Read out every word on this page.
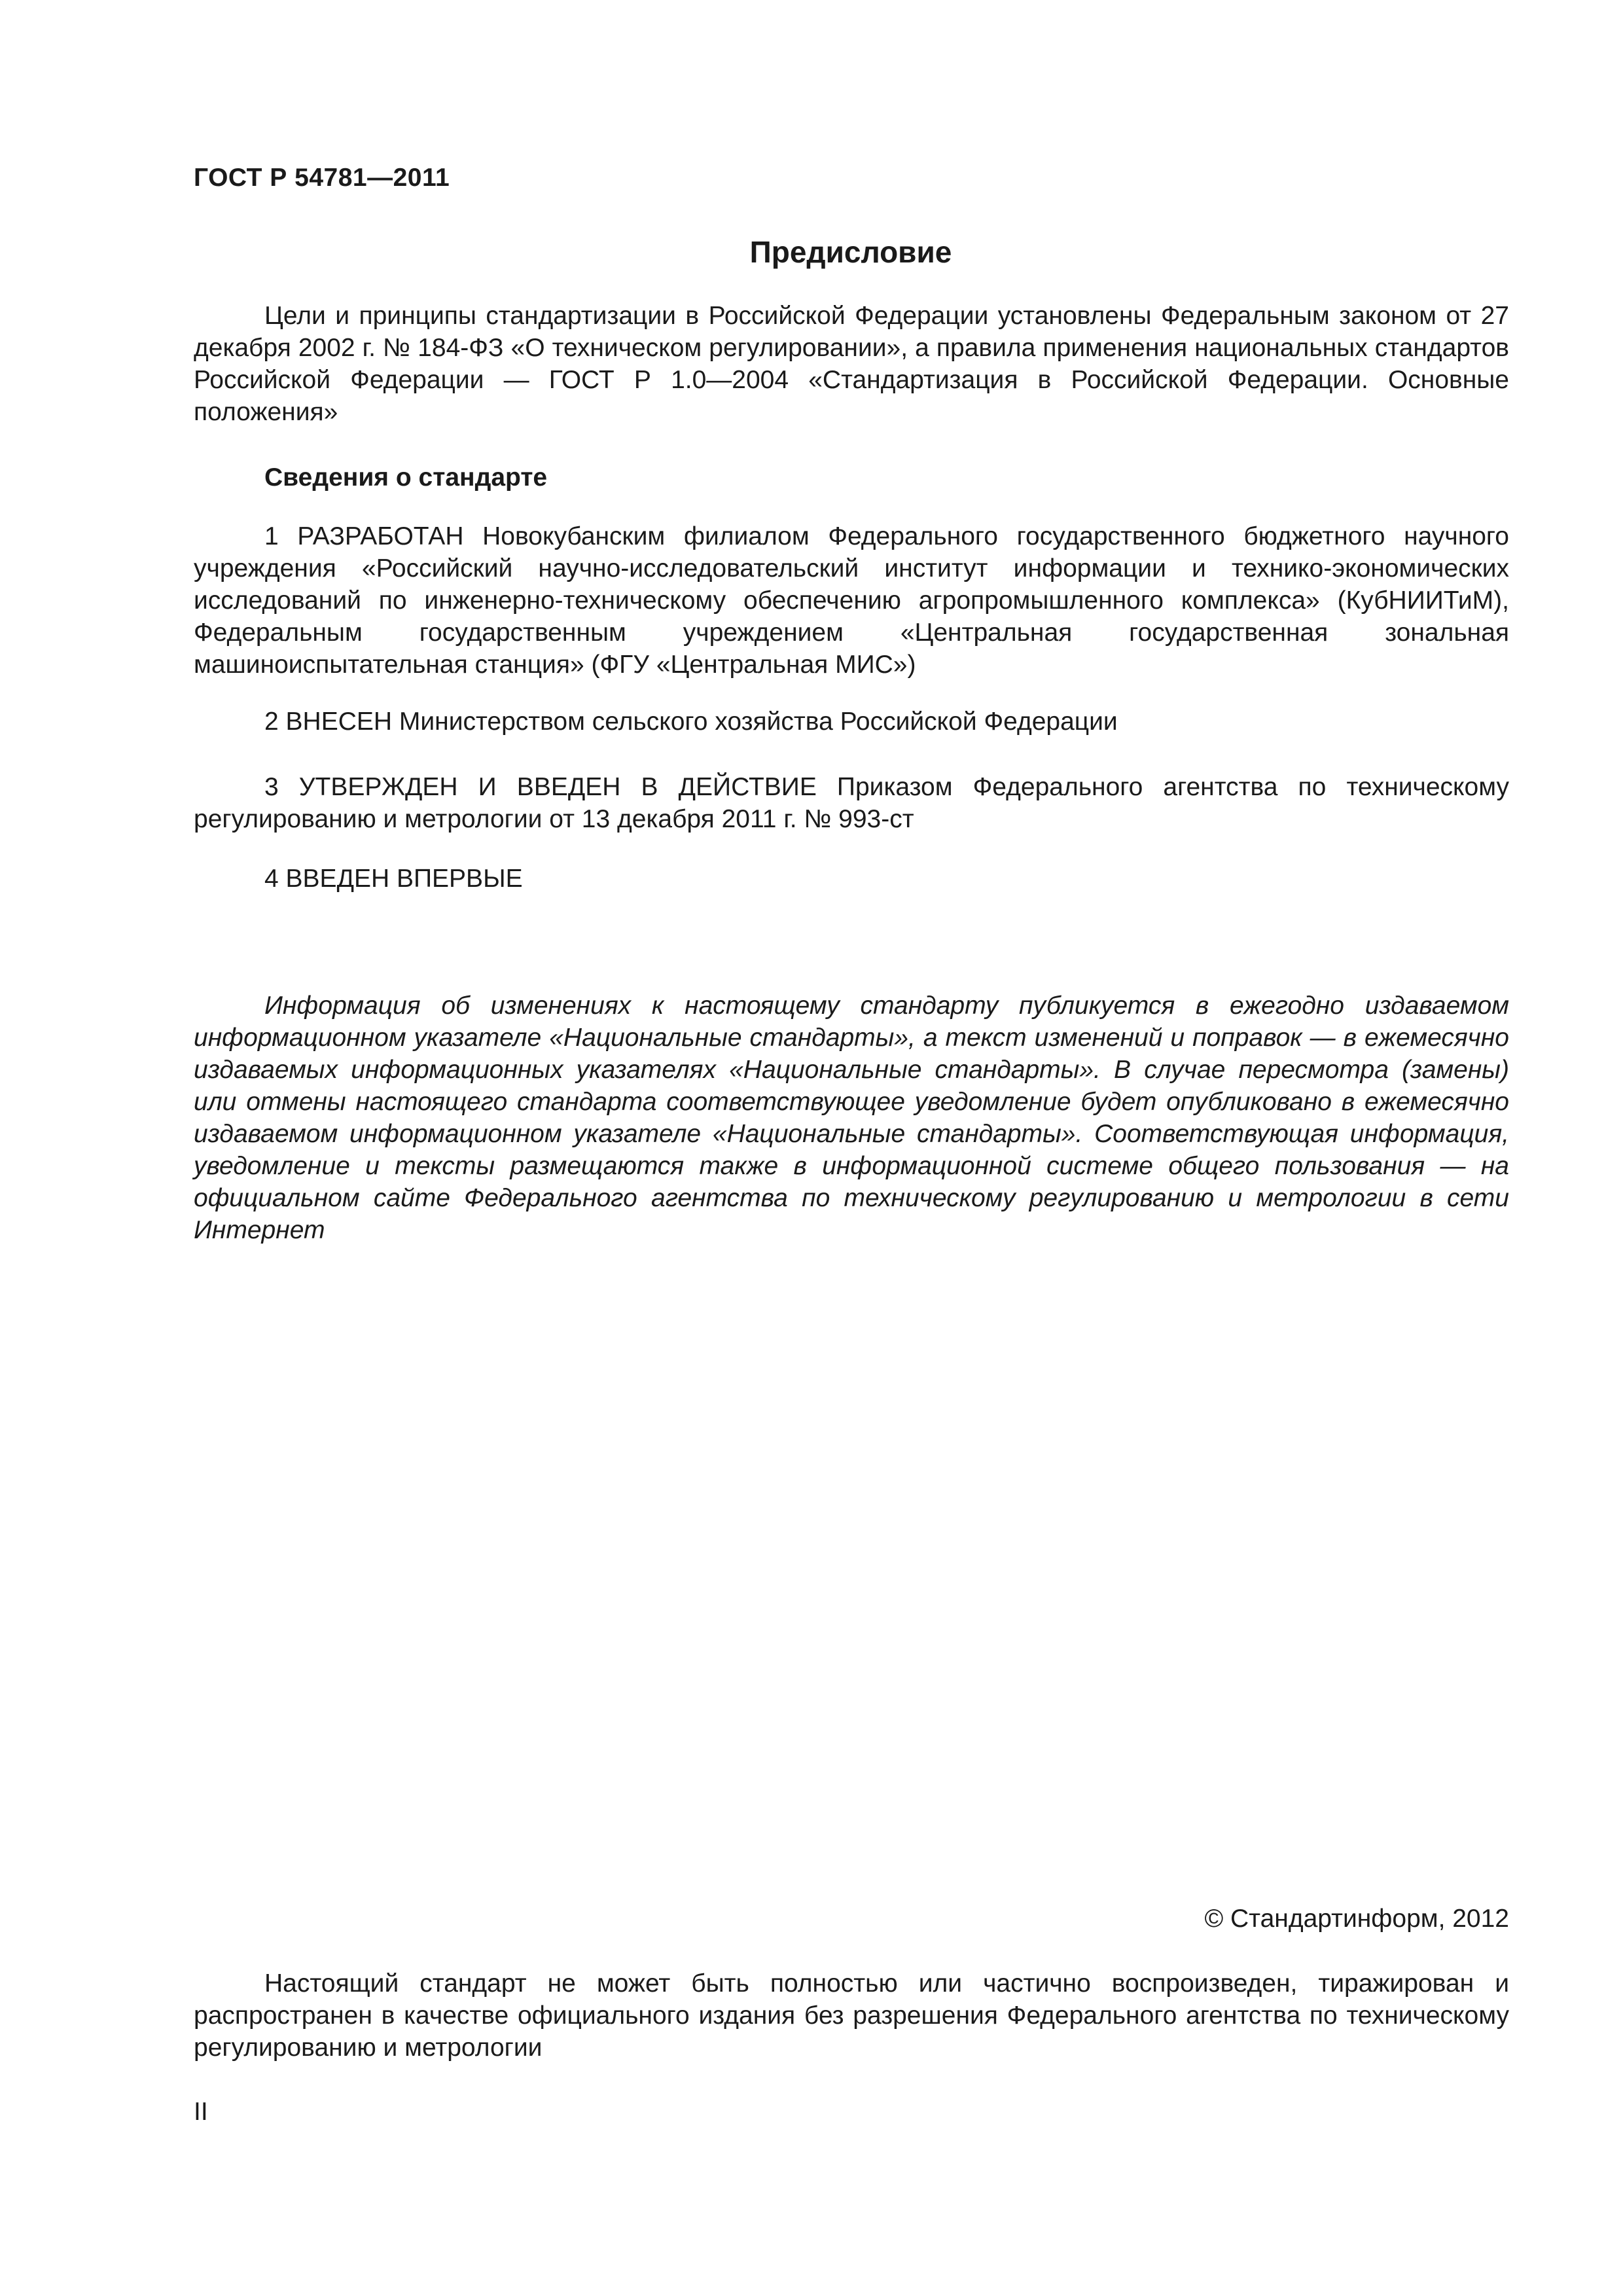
ГОСТ Р 54781—2011
Предисловие

Цели и принципы стандартизации в Российской Федерации установлены Федеральным законом от 27 декабря 2002 г. № 184-ФЗ «О техническом регулировании», а правила применения национальных стандартов Российской Федерации — ГОСТ Р 1.0—2004 «Стандартизация в Российской Федерации. Основные положения»

Сведения о стандарте

1 РАЗРАБОТАН Новокубанским филиалом Федерального государственного бюджетного научного учреждения «Российский научно-исследовательский институт информации и технико-экономических исследований по инженерно-техническому обеспечению агропромышленного комплекса» (КубНИИТиМ), Федеральным государственным учреждением «Центральная государственная зональная машиноиспытательная станция» (ФГУ «Центральная МИС»)

2 ВНЕСЕН Министерством сельского хозяйства Российской Федерации

3 УТВЕРЖДЕН И ВВЕДЕН В ДЕЙСТВИЕ Приказом Федерального агентства по техническому регулированию и метрологии от 13 декабря 2011 г. № 993-ст

4 ВВЕДЕН ВПЕРВЫЕ

Информация об изменениях к настоящему стандарту публикуется в ежегодно издаваемом информационном указателе «Национальные стандарты», а текст изменений и поправок — в ежемесячно издаваемых информационных указателях «Национальные стандарты». В случае пересмотра (замены) или отмены настоящего стандарта соответствующее уведомление будет опубликовано в ежемесячно издаваемом информационном указателе «Национальные стандарты». Соответствующая информация, уведомление и тексты размещаются также в информационной системе общего пользования — на официальном сайте Федерального агентства по техническому регулированию и метрологии в сети Интернет

© Стандартинформ, 2012

Настоящий стандарт не может быть полностью или частично воспроизведен, тиражирован и распространен в качестве официального издания без разрешения Федерального агентства по техническому регулированию и метрологии

II
